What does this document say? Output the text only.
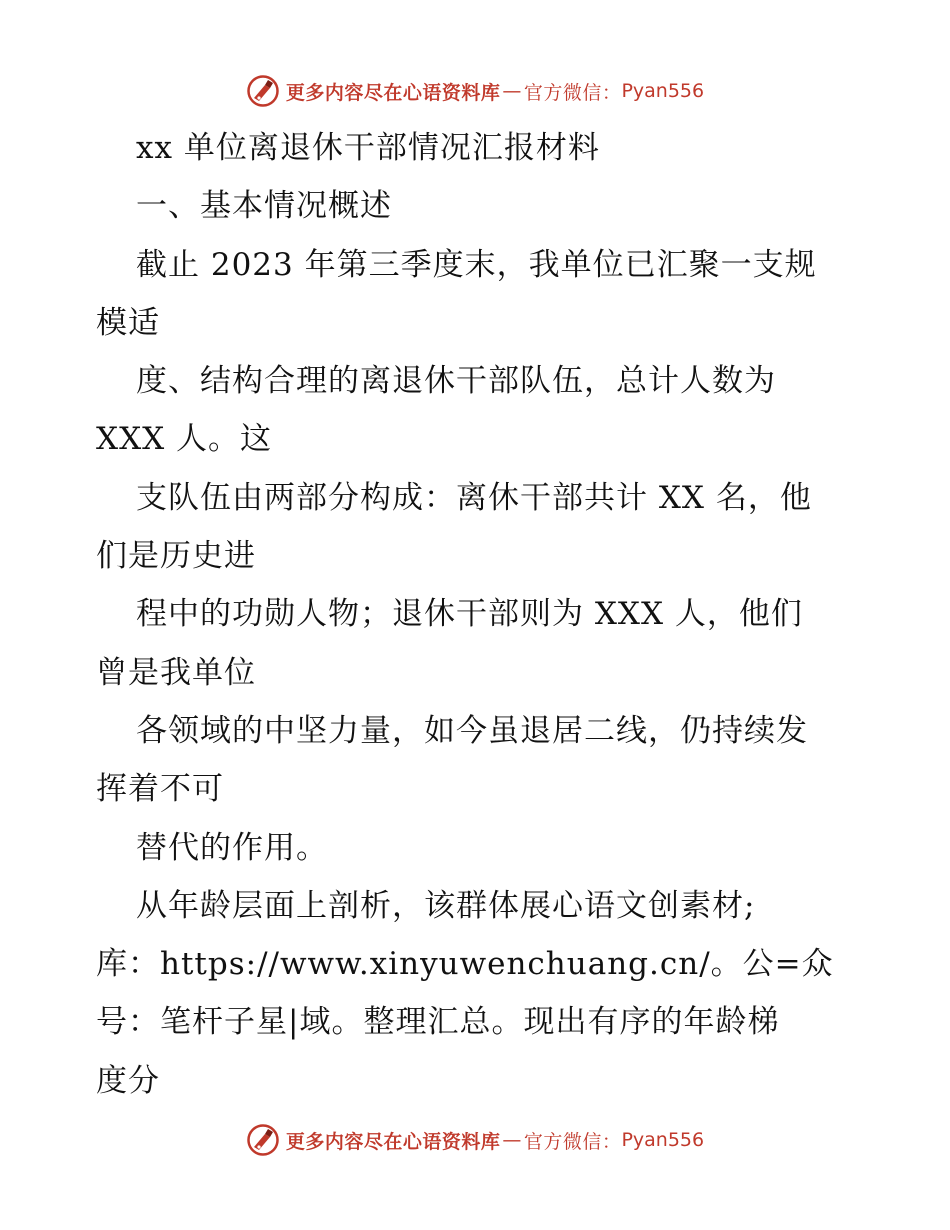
更多内容尽在心语资料库 — 官方微信： Pyan556
xx 单位离退休干部情况汇报材料
一、基本情况概述
截止 2023 年第三季度末，我单位已汇聚一支规
模适
度、结构合理的离退休干部队伍，总计人数为
XXX 人。这
支队伍由两部分构成：离休干部共计 XX 名，他
们是历史进
程中的功勋人物；退休干部则为 XXX 人，他们
曾是我单位
各领域的中坚力量，如今虽退居二线，仍持续发
挥着不可
替代的作用。
从年龄层面上剖析，该群体展心语文创素材;
库：https://www.xinyuwenchuang.cn/。公=众
号：笔杆子星|域。整理汇总。现出有序的年龄梯
度分
更多内容尽在心语资料库 — 官方微信： Pyan556
